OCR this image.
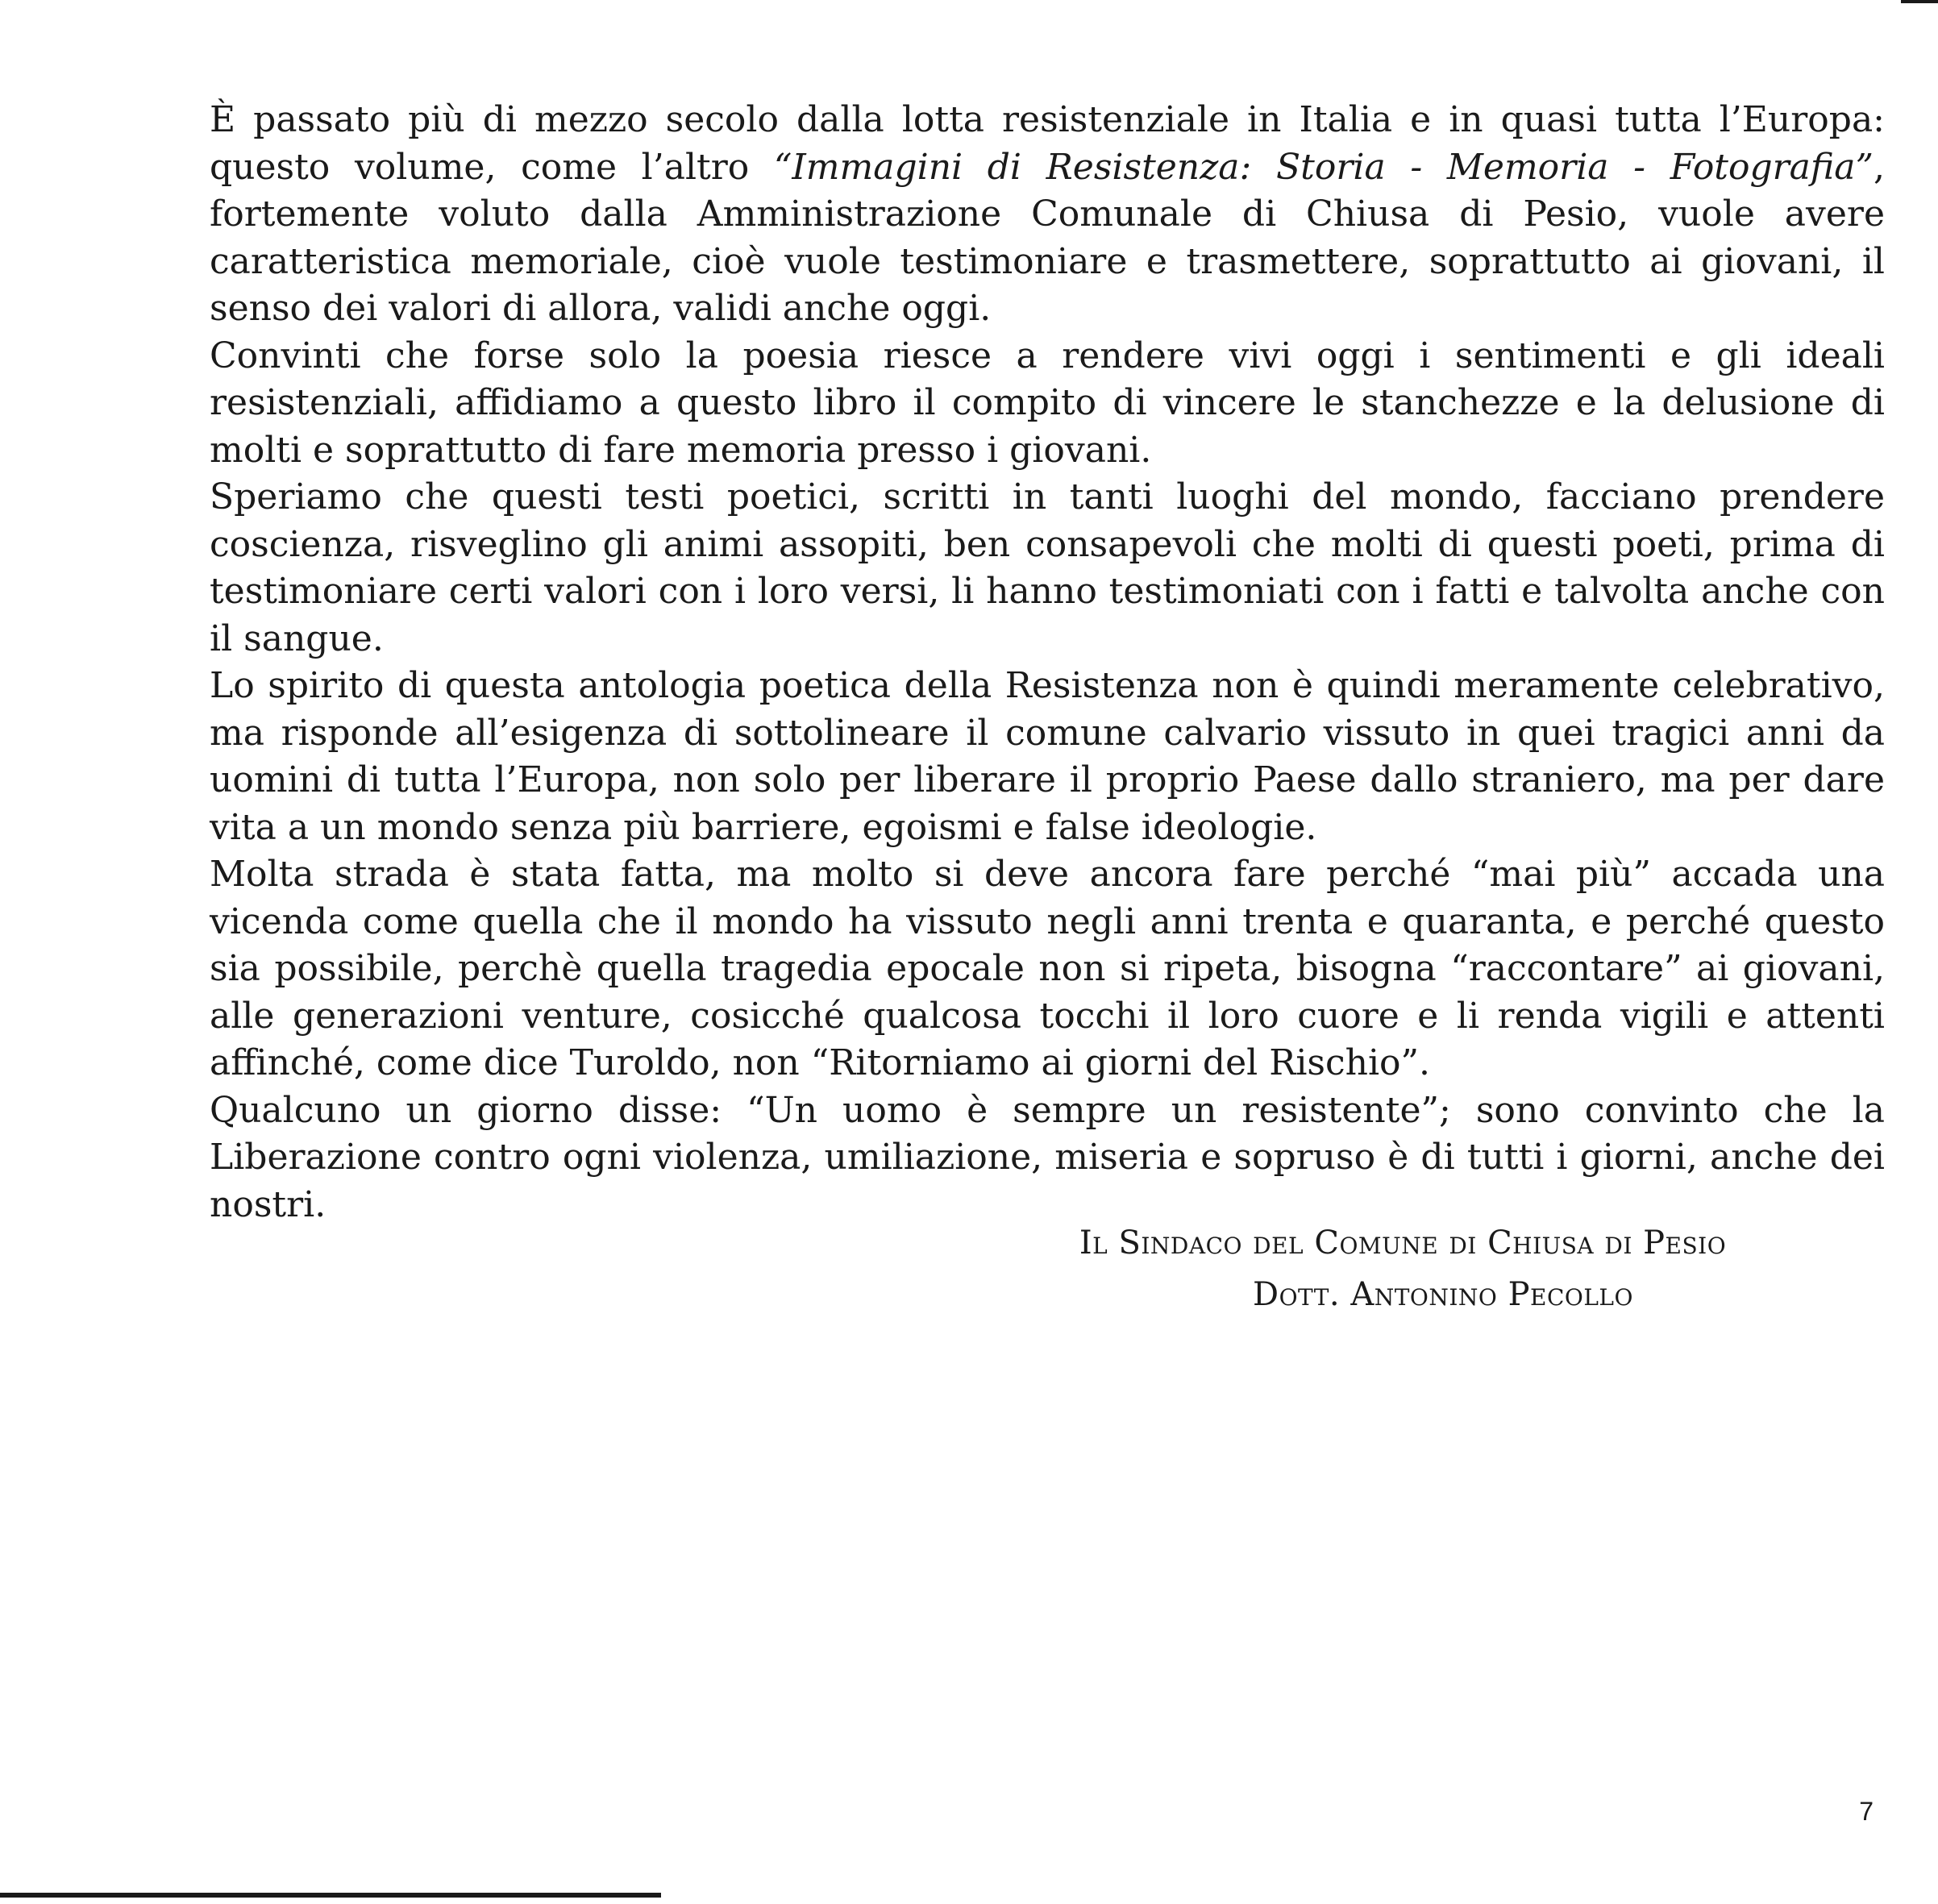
È passato più di mezzo secolo dalla lotta resistenziale in Italia e in quasi tutta l’Europa: questo volume, come l’altro “Immagini di Resistenza: Storia - Memoria - Fotografia”, fortemente voluto dalla Amministrazione Comunale di Chiusa di Pesio, vuole avere caratteristica memoriale, cioè vuole testimoniare e trasmettere, soprattutto ai giovani, il senso dei valori di allora, validi anche oggi.

Convinti che forse solo la poesia riesce a rendere vivi oggi i sentimenti e gli ideali resistenziali, affidiamo a questo libro il compito di vincere le stanchezze e la delusione di molti e soprattutto di fare memoria presso i giovani.

Speriamo che questi testi poetici, scritti in tanti luoghi del mondo, facciano prendere coscienza, risveglino gli animi assopiti, ben consapevoli che molti di questi poeti, prima di testimoniare certi valori con i loro versi, li hanno testimoniati con i fatti e talvolta anche con il sangue.

Lo spirito di questa antologia poetica della Resistenza non è quindi meramente celebrativo, ma risponde all’esigenza di sottolineare il comune calvario vissuto in quei tragici anni da uomini di tutta l’Europa, non solo per liberare il proprio Paese dallo straniero, ma per dare vita a un mondo senza più barriere, egoismi e false ideologie.

Molta strada è stata fatta, ma molto si deve ancora fare perché “mai più” accada una vicenda come quella che il mondo ha vissuto negli anni trenta e quaranta, e perché questo sia possibile, perchè quella tragedia epocale non si ripeta, bisogna “raccontare” ai giovani, alle generazioni venture, cosicché qualcosa tocchi il loro cuore e li renda vigili e attenti affinché, come dice Turoldo, non “Ritorniamo ai giorni del Rischio”.

Qualcuno un giorno disse: “Un uomo è sempre un resistente”; sono convinto che la Liberazione contro ogni violenza, umiliazione, miseria e sopruso è di tutti i giorni, anche dei nostri.

Il Sindaco del Comune di Chiusa di Pesio
Dott. Antonino Pecollo
7
